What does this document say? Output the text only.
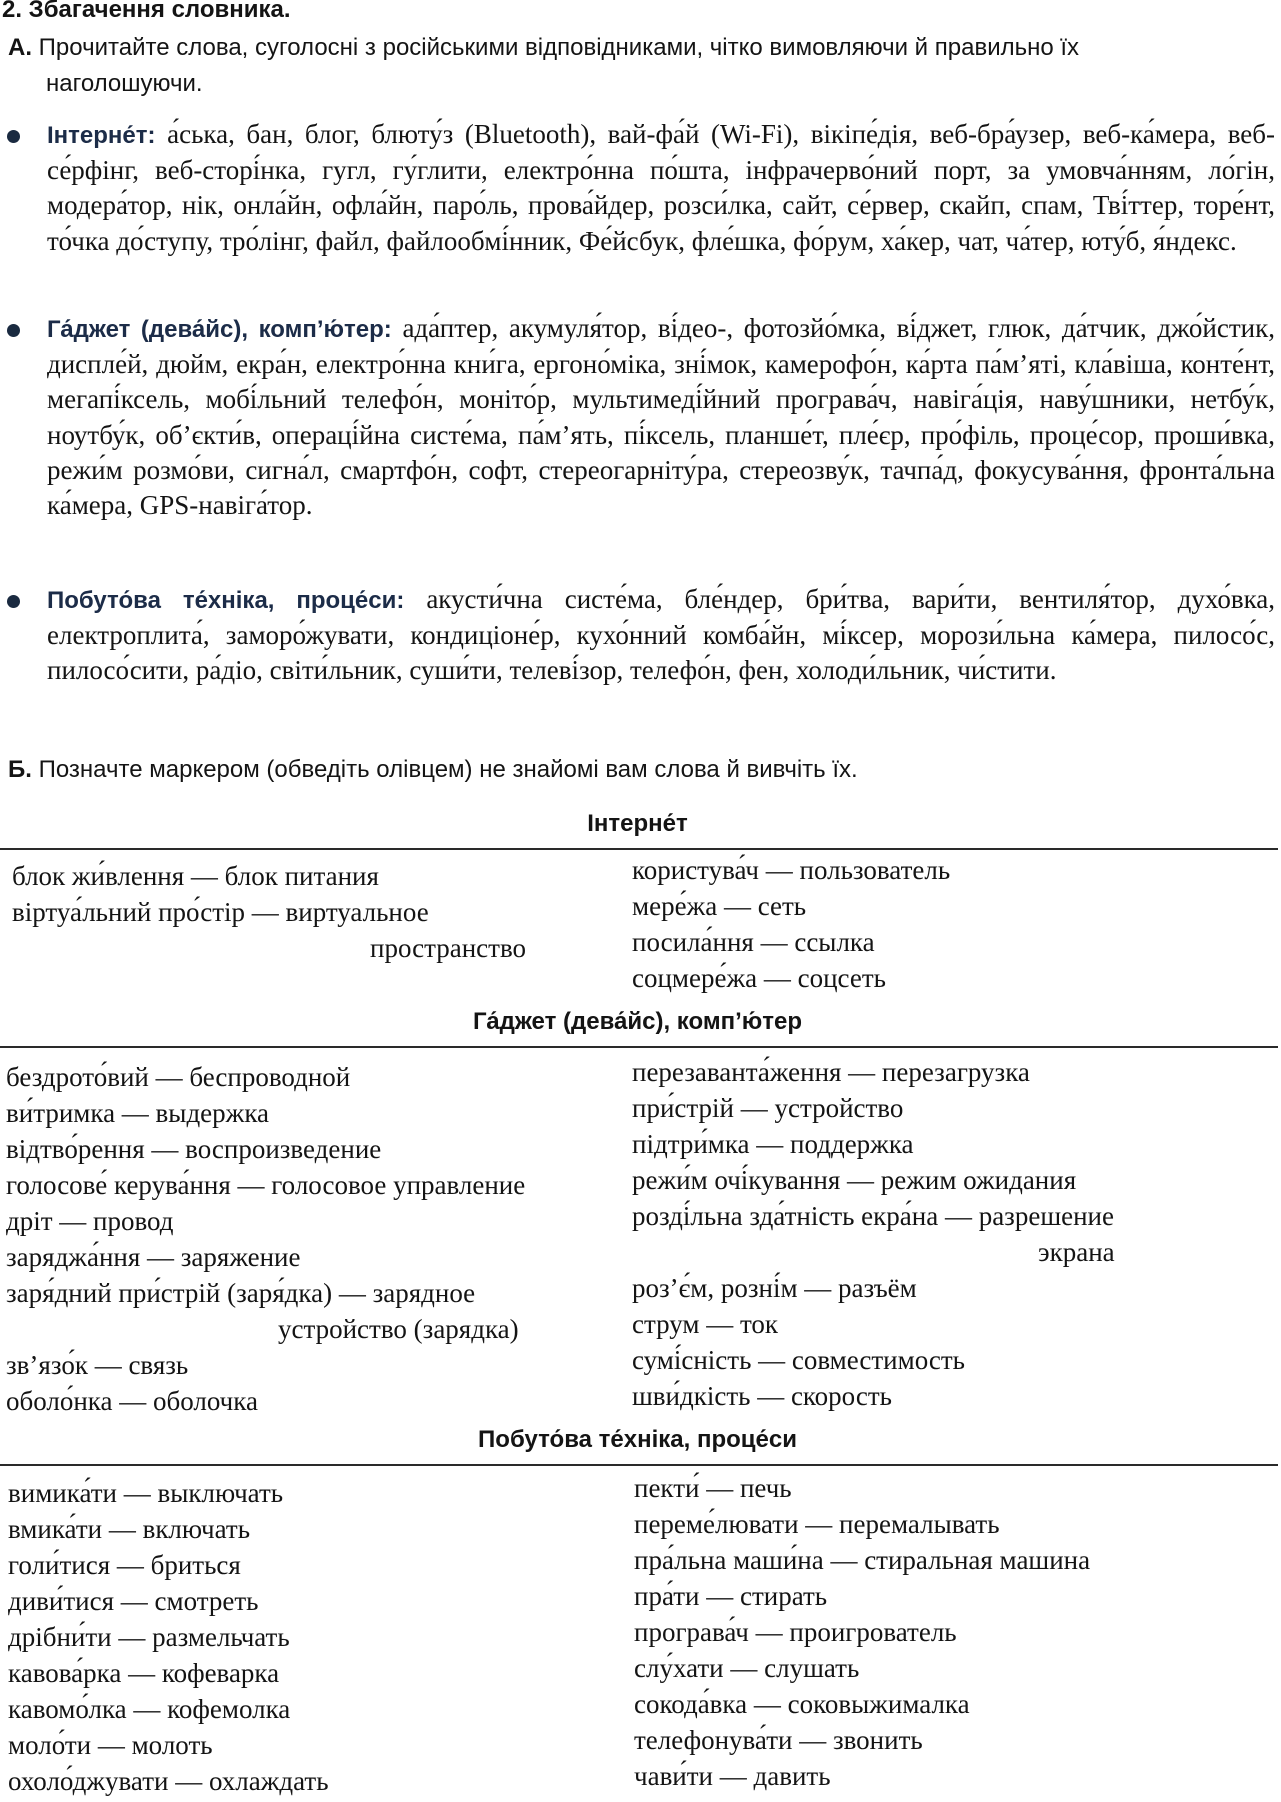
2. Збагачення словника.

А. Прочитайте слова, суголосні з російськими відповідниками, чітко вимовляючи й правильно їх
наголошуючи.

Інтерне́т: а́ська, бан, блог, блюту́з (Bluetooth), вай-фа́й (Wi-Fi), вікіпе́дія, веб-бра́узер, веб-ка́мера, веб-се́рфінг, веб-сторі́нка, гугл, гу́глити, електро́нна по́шта, інфрачерво́ний порт, за умовча́нням, ло́гін, модера́тор, нік, онла́йн, офла́йн, паро́ль, прова́йдер, розси́лка, сайт, се́рвер, скайп, спам, Тві́ттер, торе́нт, то́чка до́ступу, тро́лінг, файл, файлообмі́нник, Фе́йсбук, фле́шка, фо́рум, ха́кер, чат, ча́тер, юту́б, я́ндекс.

Га́джет (дева́йс), комп’ю́тер: ада́птер, акумуля́тор, ві́део-, фотозйо́мка, ві́джет, глюк, да́тчик, джо́йстик, диспле́й, дюйм, екра́н, електро́нна кни́га, ергоно́міка, зні́мок, камерофо́н, ка́рта па́м’яті, кла́віша, конте́нт, мегапі́ксель, мобі́льний телефо́н, моніто́р, мультимеді́йний програва́ч, навіга́ція, наву́шники, нетбу́к, ноутбу́к, об’єкти́в, операці́йна систе́ма, па́м’ять, пі́ксель, планше́т, пле́єр, про́філь, проце́сор, проши́вка, режи́м розмо́ви, сигна́л, смартфо́н, софт, стереогарніту́ра, стереозву́к, тачпа́д, фокусува́ння, фронта́льна ка́мера, GPS-навіга́тор.

Побуто́ва те́хніка, проце́си: акусти́чна систе́ма, бле́ндер, бри́тва, вари́ти, вентиля́тор, духо́вка, електроплита́, заморо́жувати, кондиціоне́р, кухо́нний комба́йн, мі́ксер, морози́льна ка́мера, пилосо́с, пилосо́сити, ра́діо, світи́льник, суши́ти, телеві́зор, телефо́н, фен, холоди́льник, чи́стити.

Б. Позначте маркером (обведіть олівцем) не знайомі вам слова й вивчіть їх.

Інтерне́т
блок жи́влення — блок питания
віртуа́льний про́стір — виртуальное
пространство
користува́ч — пользователь
мере́жа — сеть
посила́ння — ссылка
соцмере́жа — соцсеть
Га́джет (дева́йс), комп’ю́тер
бездрото́вий — беспроводной
ви́тримка — выдержка
відтво́рення — воспроизведение
голосове́ керува́ння — голосовое управление
дріт — провод
заряджа́ння — заряжение
заря́дний при́стрій (заря́дка) — зарядное
устройство (зарядка)
зв’язо́к — связь
оболо́нка — оболочка
перезаванта́ження — перезагрузка
при́стрій — устройство
підтри́мка — поддержка
режи́м очі́кування — режим ожидания
розді́льна зда́тність екра́на — разрешение
экрана
роз’є́м, розні́м — разъём
струм — ток
сумі́сність — совместимость
шви́дкість — скорость
Побуто́ва те́хніка, проце́си
вимика́ти — выключать
вмика́ти — включать
голи́тися — бриться
диви́тися — смотреть
дрібни́ти — размельчать
кавова́рка — кофеварка
кавомо́лка — кофемолка
моло́ти — молоть
охоло́джувати — охлаждать
пекти́ — печь
переме́лювати — перемалывать
пра́льна маши́на — стиральная машина
пра́ти — стирать
програва́ч — проигрователь
слу́хати — слушать
сокода́вка — соковыжималка
телефонува́ти — звонить
чави́ти — давить
